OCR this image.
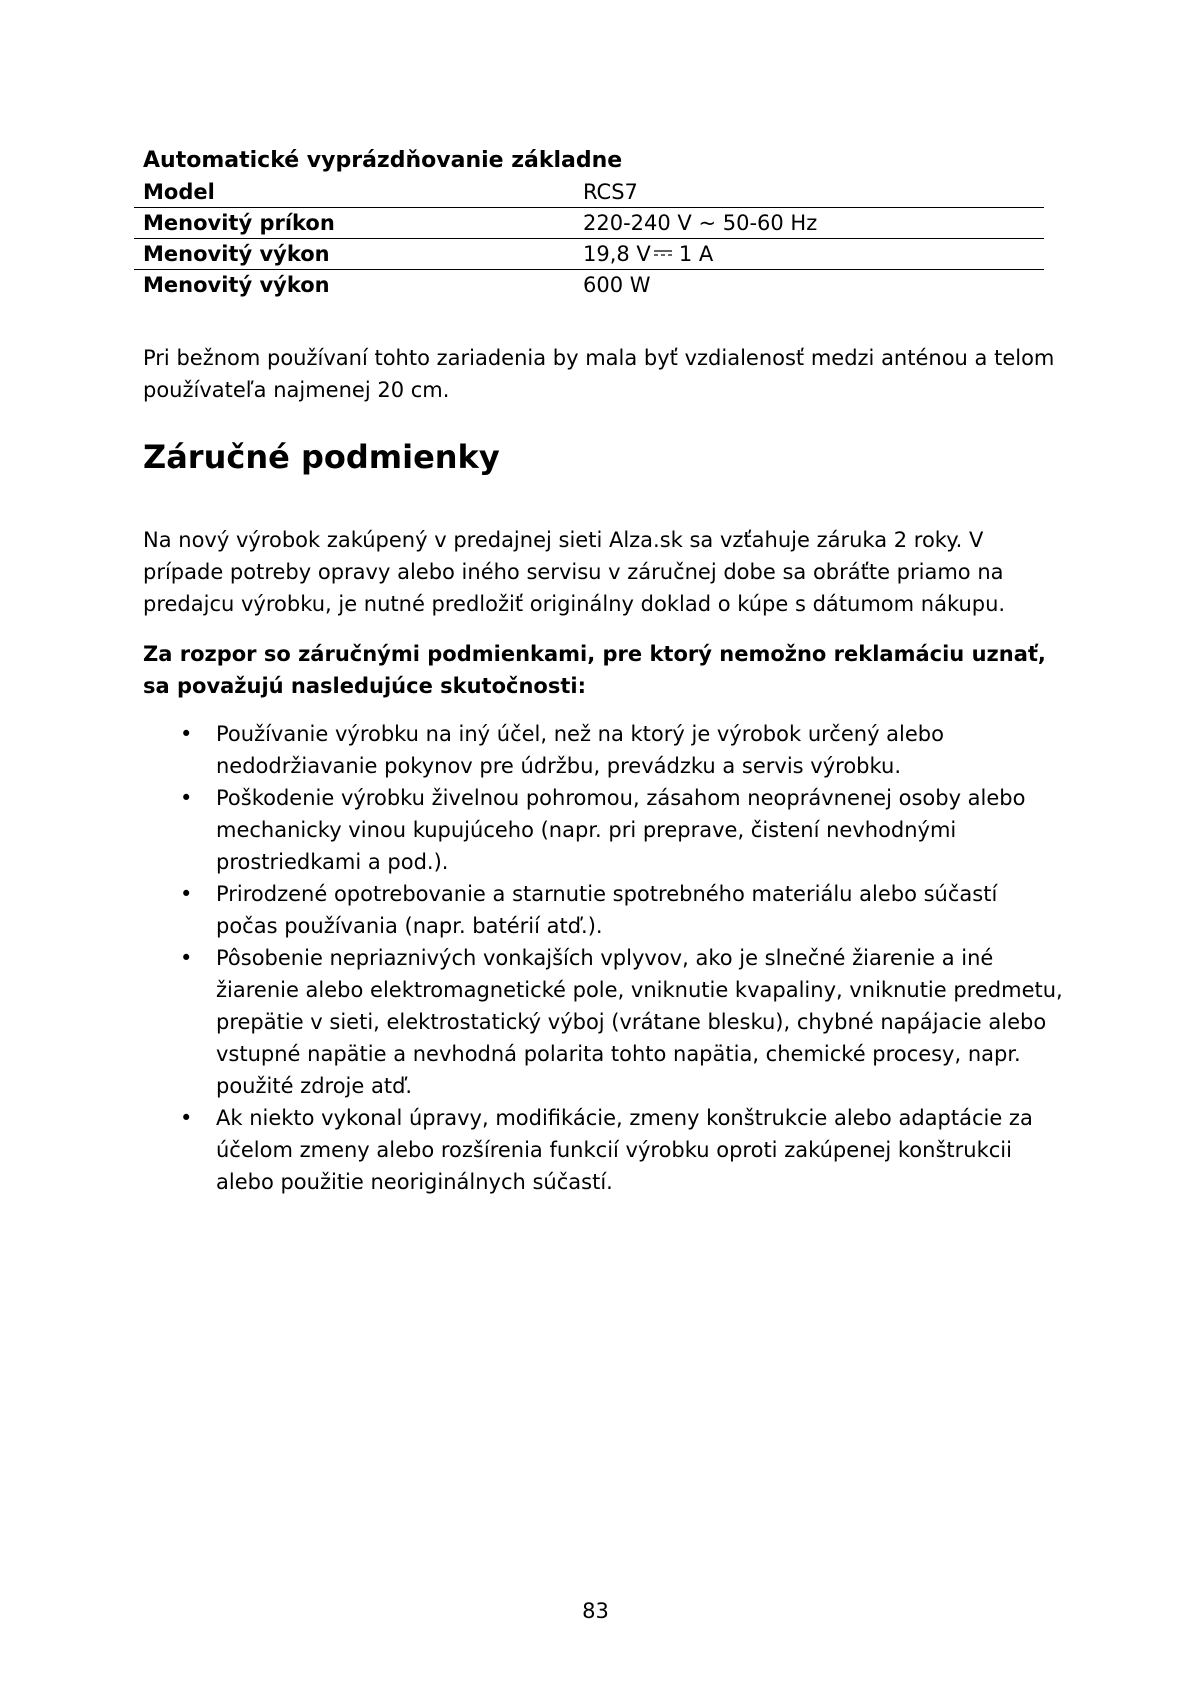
Automatické vyprázdňovanie základne
Model	RCS7
Menovitý príkon	220-240 V ~ 50-60 Hz
Menovitý výkon	19,8 V 1 A
Menovitý výkon	600 W

Pri bežnom používaní tohto zariadenia by mala byť vzdialenosť medzi anténou a telom používateľa najmenej 20 cm.

Záručné podmienky

Na nový výrobok zakúpený v predajnej sieti Alza.sk sa vzťahuje záruka 2 roky. V prípade potreby opravy alebo iného servisu v záručnej dobe sa obráťte priamo na predajcu výrobku, je nutné predložiť originálny doklad o kúpe s dátumom nákupu.

Za rozpor so záručnými podmienkami, pre ktorý nemožno reklamáciu uznať, sa považujú nasledujúce skutočnosti:

• Používanie výrobku na iný účel, než na ktorý je výrobok určený alebo nedodržiavanie pokynov pre údržbu, prevádzku a servis výrobku.
• Poškodenie výrobku živelnou pohromou, zásahom neoprávnenej osoby alebo mechanicky vinou kupujúceho (napr. pri preprave, čistení nevhodnými prostriedkami a pod.).
• Prirodzené opotrebovanie a starnutie spotrebného materiálu alebo súčastí počas používania (napr. batérií atď.).
• Pôsobenie nepriaznivých vonkajších vplyvov, ako je slnečné žiarenie a iné žiarenie alebo elektromagnetické pole, vniknutie kvapaliny, vniknutie predmetu, prepätie v sieti, elektrostatický výboj (vrátane blesku), chybné napájacie alebo vstupné napätie a nevhodná polarita tohto napätia, chemické procesy, napr. použité zdroje atď.
• Ak niekto vykonal úpravy, modifikácie, zmeny konštrukcie alebo adaptácie za účelom zmeny alebo rozšírenia funkcií výrobku oproti zakúpenej konštrukcii alebo použitie neoriginálnych súčastí.
83
